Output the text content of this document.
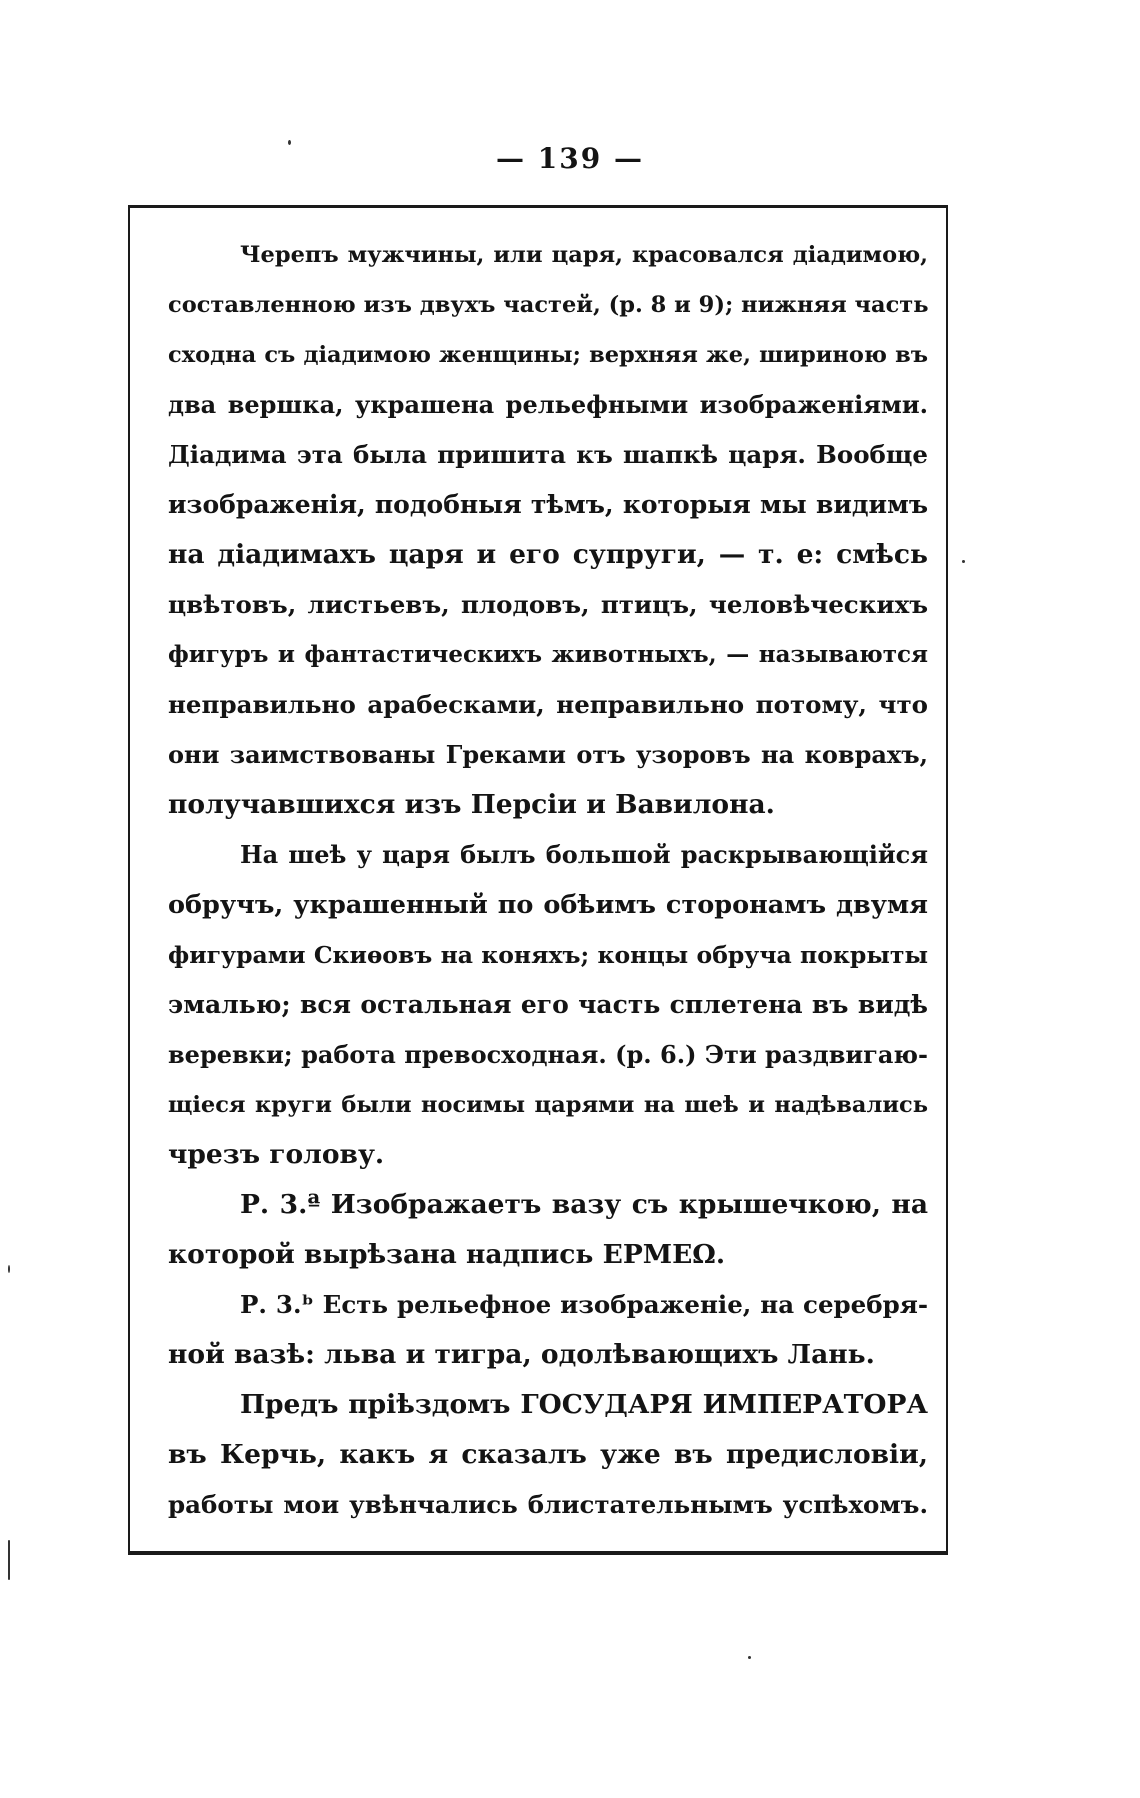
— 139 —
Черепъ мужчины, или царя, красовался діадимою,
составленною изъ двухъ частей, (р. 8 и 9); нижняя часть
сходна съ діадимою женщины; верхняя же, шириною въ
два вершка, украшена рельефными изображеніями.
Діадима эта была пришита къ шапкѣ царя. Вообще
изображенія, подобныя тѣмъ, которыя мы видимъ
на діадимахъ царя и его супруги, — т. е: смѣсь
цвѣтовъ, листьевъ, плодовъ, птицъ, человѣческихъ
фигуръ и фантастическихъ животныхъ, — называются
неправильно арабесками, неправильно потому, что
они заимствованы Греками отъ узоровъ на коврахъ,
получавшихся изъ Персіи и Вавилона.
На шеѣ у царя былъ большой раскрывающійся
обручъ, украшенный по обѣимъ сторонамъ двумя
фигурами Скиѳовъ на коняхъ; концы обруча покрыты
эмалью; вся остальная его часть сплетена въ видѣ
веревки; работа превосходная. (р. 6.) Эти раздвигаю-
щіеся круги были носимы царями на шеѣ и надѣвались
чрезъ голову.
Р. 3.ª Изображаетъ вазу съ крышечкою, на
которой вырѣзана надпись ЕРМЕΩ.
Р. 3.ᵇ Есть рельефное изображеніе, на серебря-
ной вазѣ: льва и тигра, одолѣвающихъ Лань.
Предъ пріѣздомъ ГОСУДАРЯ ИМПЕРАТОРА
въ Керчь, какъ я сказалъ уже въ предисловіи,
работы мои увѣнчались блистательнымъ успѣхомъ.
